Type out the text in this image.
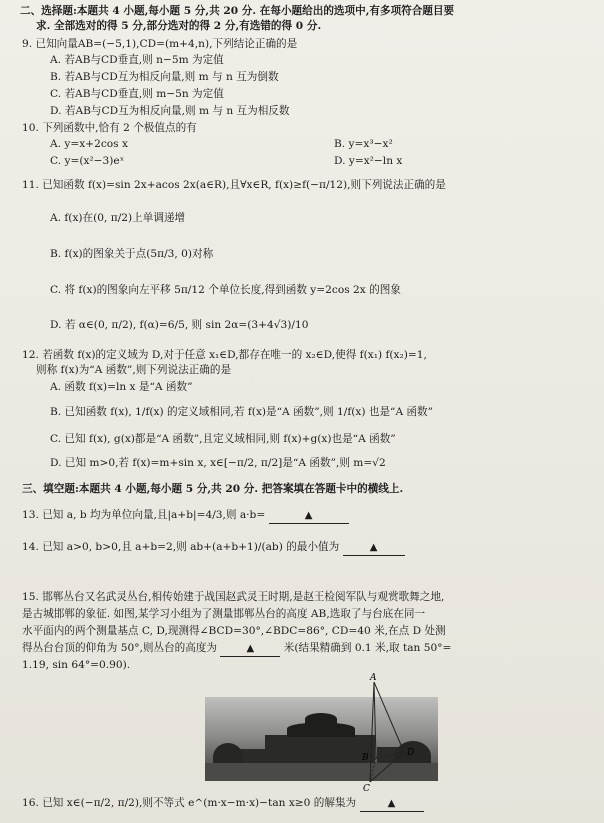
二、选择题:本题共 4 小题,每小题 5 分,共 20 分. 在每小题给出的选项中,有多项符合题目要
求. 全部选对的得 5 分,部分选对的得 2 分,有选错的得 0 分.
9. 已知向量AB=(−5,1),CD=(m+4,n),下列结论正确的是
A. 若AB与CD垂直,则 n−5m 为定值
B. 若AB与CD互为相反向量,则 m 与 n 互为倒数
C. 若AB与CD垂直,则 m−5n 为定值
D. 若AB与CD互为相反向量,则 m 与 n 互为相反数
10. 下列函数中,恰有 2 个极值点的有
A. y=x+2cos x	B. y=x³−x²
C. y=(x²−3)eˣ	D. y=x²−ln x
11. 已知函数 f(x)=sin 2x+acos 2x(a∈R),且∀x∈R, f(x)≥f(−π/12),则下列说法正确的是
A. f(x)在(0, π/2)上单调递增
B. f(x)的图象关于点(5π/3, 0)对称
C. 将 f(x)的图象向左平移 5π/12 个单位长度,得到函数 y=2cos 2x 的图象
D. 若 α∈(0, π/2), f(α)=6/5, 则 sin 2α=(3+4√3)/10
12. 若函数 f(x)的定义域为 D,对于任意 x₁∈D,都存在唯一的 x₂∈D,使得 f(x₁) f(x₂)=1,
则称 f(x)为“A 函数”,则下列说法正确的是
A. 函数 f(x)=ln x 是“A 函数”
B. 已知函数 f(x), 1/f(x) 的定义域相同,若 f(x)是“A 函数”,则 1/f(x) 也是“A 函数”
C. 已知 f(x), g(x)都是“A 函数”,且定义域相同,则 f(x)+g(x)也是“A 函数”
D. 已知 m>0,若 f(x)=m+sin x, x∈[−π/2, π/2]是“A 函数”,则 m=√2
三、填空题:本题共 4 小题,每小题 5 分,共 20 分. 把答案填在答题卡中的横线上.
13. 已知 a, b 均为单位向量,且|a+b|=4/3,则 a·b=	▲
14. 已知 a>0, b>0,且 a+b=2,则 ab+(a+b+1)/(ab) 的最小值为	▲
15. 邯郸丛台又名武灵丛台,相传始建于战国赵武灵王时期,是赵王检阅军队与观赏歌舞之地,
是古城邯郸的象征. 如图,某学习小组为了测量邯郸丛台的高度 AB,选取了与台底在同一
水平面内的两个测量基点 C, D,现测得∠BCD=30°,∠BDC=86°, CD=40 米,在点 D 处测
得丛台台顶的仰角为 50°,则丛台的高度为	▲	米(结果精确到 0.1 米,取 tan 50°=
1.19, sin 64°=0.90).
A
B
C
D
16. 已知 x∈(−π/2, π/2),则不等式 e^(m·x−m·x)−tan x≥0 的解集为	▲
